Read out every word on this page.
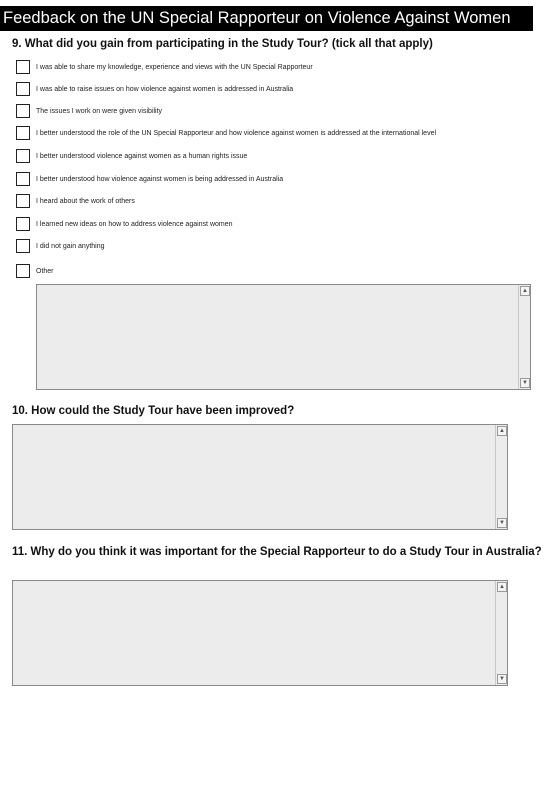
Feedback on the UN Special Rapporteur on Violence Against Women
9. What did you gain from participating in the Study Tour? (tick all that apply)
I was able to share my knowledge, experience and views with the UN Special Rapporteur
I was able to raise issues on how violence against women is addressed in Australia
The issues I work on were given visibility
I better understood the role of the UN Special Rapporteur and how violence against women is addressed at the international level
I better understood violence against women as a human rights issue
I better understood how violence against women is being addressed in Australia
I heard about the work of others
I learned new ideas on how to address violence against women
I did not gain anything
Other
▲
▼
10. How could the Study Tour have been improved?
▲
▼
11. Why do you think it was important for the Special Rapporteur to do a Study Tour in Australia?
▲
▼
